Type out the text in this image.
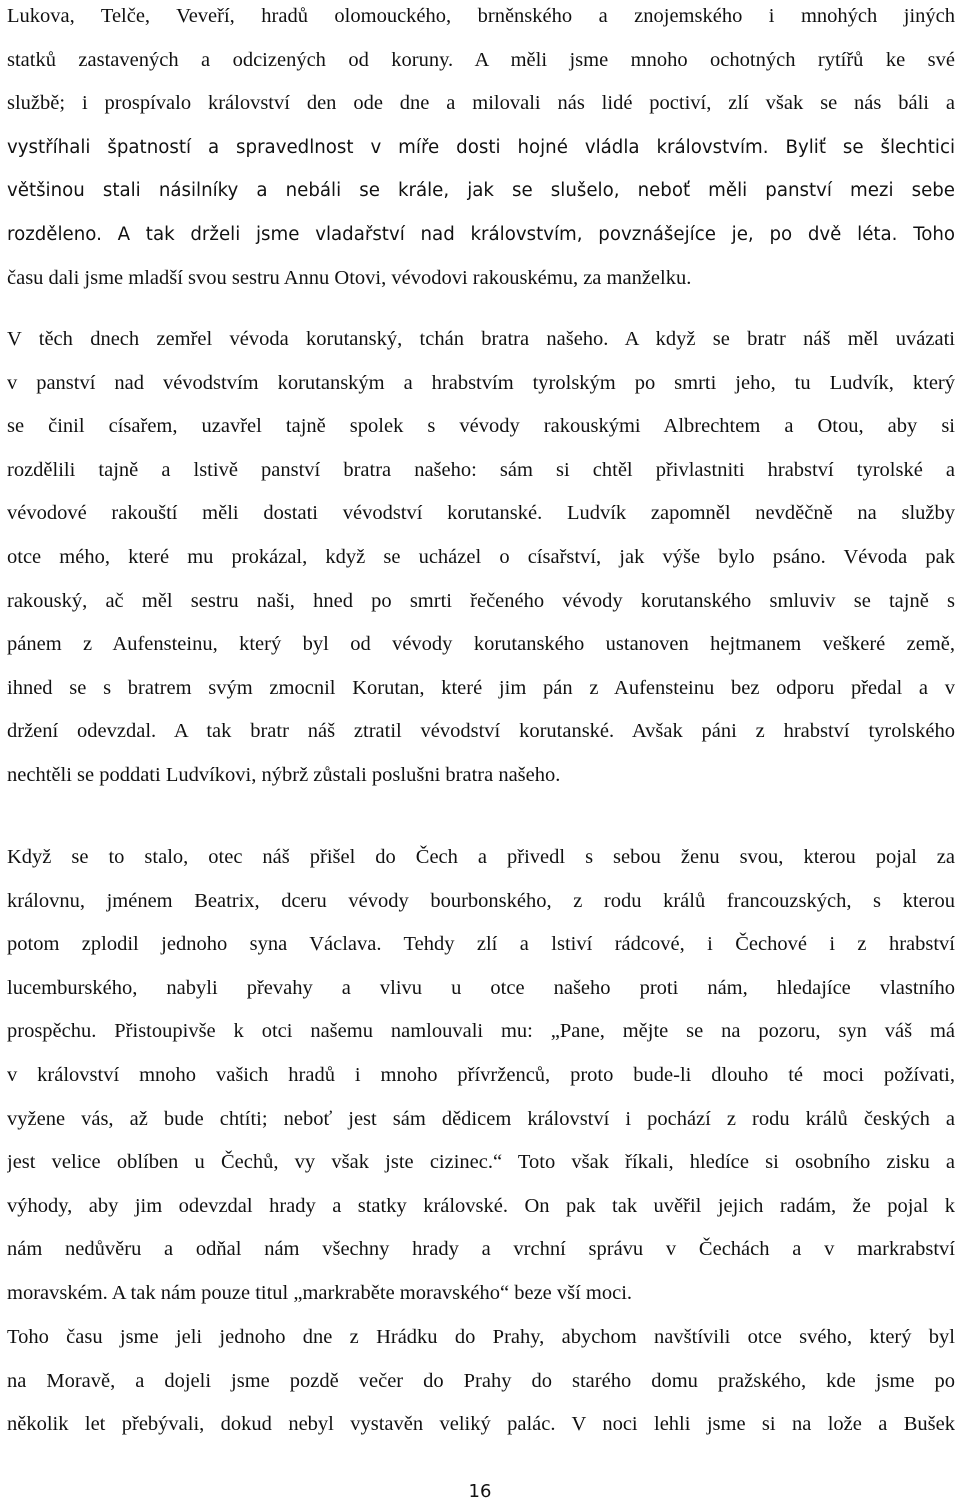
Lukova, Telče, Veveří, hradů olomouckého, brněnského a znojemského i mnohých jiných
statků zastavených a odcizených od koruny. A měli jsme mnoho ochotných rytířů ke své
službě; i prospívalo království den ode dne a milovali nás lidé poctiví, zlí však se nás báli a
vystříhali špatností a spravedlnost v míře dosti hojné vládla královstvím. Byliť se šlechtici
většinou stali násilníky a nebáli se krále, jak se slušelo, neboť měli panství mezi sebe
rozděleno. A tak drželi jsme vladařství nad královstvím, povznášejíce je, po dvě léta. Toho
času dali jsme mladší svou sestru Annu Otovi, vévodovi rakouskému, za manželku.
V těch dnech zemřel vévoda korutanský, tchán bratra našeho. A když se bratr náš měl uvázati
v panství nad vévodstvím korutanským a hrabstvím tyrolským po smrti jeho, tu Ludvík, který
se činil císařem, uzavřel tajně spolek s vévody rakouskými Albrechtem a Otou, aby si
rozdělili tajně a lstivě panství bratra našeho: sám si chtěl přivlastniti hrabství tyrolské a
vévodové rakouští měli dostati vévodství korutanské. Ludvík zapomněl nevděčně na služby
otce mého, které mu prokázal, když se ucházel o císařství, jak výše bylo psáno. Vévoda pak
rakouský, ač měl sestru naši, hned po smrti řečeného vévody korutanského smluviv se tajně s
pánem z Aufensteinu, který byl od vévody korutanského ustanoven hejtmanem veškeré země,
ihned se s bratrem svým zmocnil Korutan, které jim pán z Aufensteinu bez odporu předal a v
držení odevzdal. A tak bratr náš ztratil vévodství korutanské. Avšak páni z hrabství tyrolského
nechtěli se poddati Ludvíkovi, nýbrž zůstali poslušni bratra našeho.
Když se to stalo, otec náš přišel do Čech a přivedl s sebou ženu svou, kterou pojal za
královnu, jménem Beatrix, dceru vévody bourbonského, z rodu králů francouzských, s kterou
potom zplodil jednoho syna Václava. Tehdy zlí a lstiví rádcové, i Čechové i z hrabství
lucemburského, nabyli převahy a vlivu u otce našeho proti nám, hledajíce vlastního
prospěchu. Přistoupivše k otci našemu namlouvali mu: „Pane, mějte se na pozoru, syn váš má
v království mnoho vašich hradů i mnoho přívrženců, proto bude-li dlouho té moci požívati,
vyžene vás, až bude chtíti; neboť jest sám dědicem království i pochází z rodu králů českých a
jest velice oblíben u Čechů, vy však jste cizinec.“ Toto však říkali, hledíce si osobního zisku a
výhody, aby jim odevzdal hrady a statky královské. On pak tak uvěřil jejich radám, že pojal k
nám nedůvěru a odňal nám všechny hrady a vrchní správu v Čechách a v markrabství
moravském. A tak nám pouze titul „markraběte moravského“ beze vší moci.
Toho času jsme jeli jednoho dne z Hrádku do Prahy, abychom navštívili otce svého, který byl
na Moravě, a dojeli jsme pozdě večer do Prahy do starého domu pražského, kde jsme po
několik let přebývali, dokud nebyl vystavěn veliký palác. V noci lehli jsme si na lože a Bušek
16
